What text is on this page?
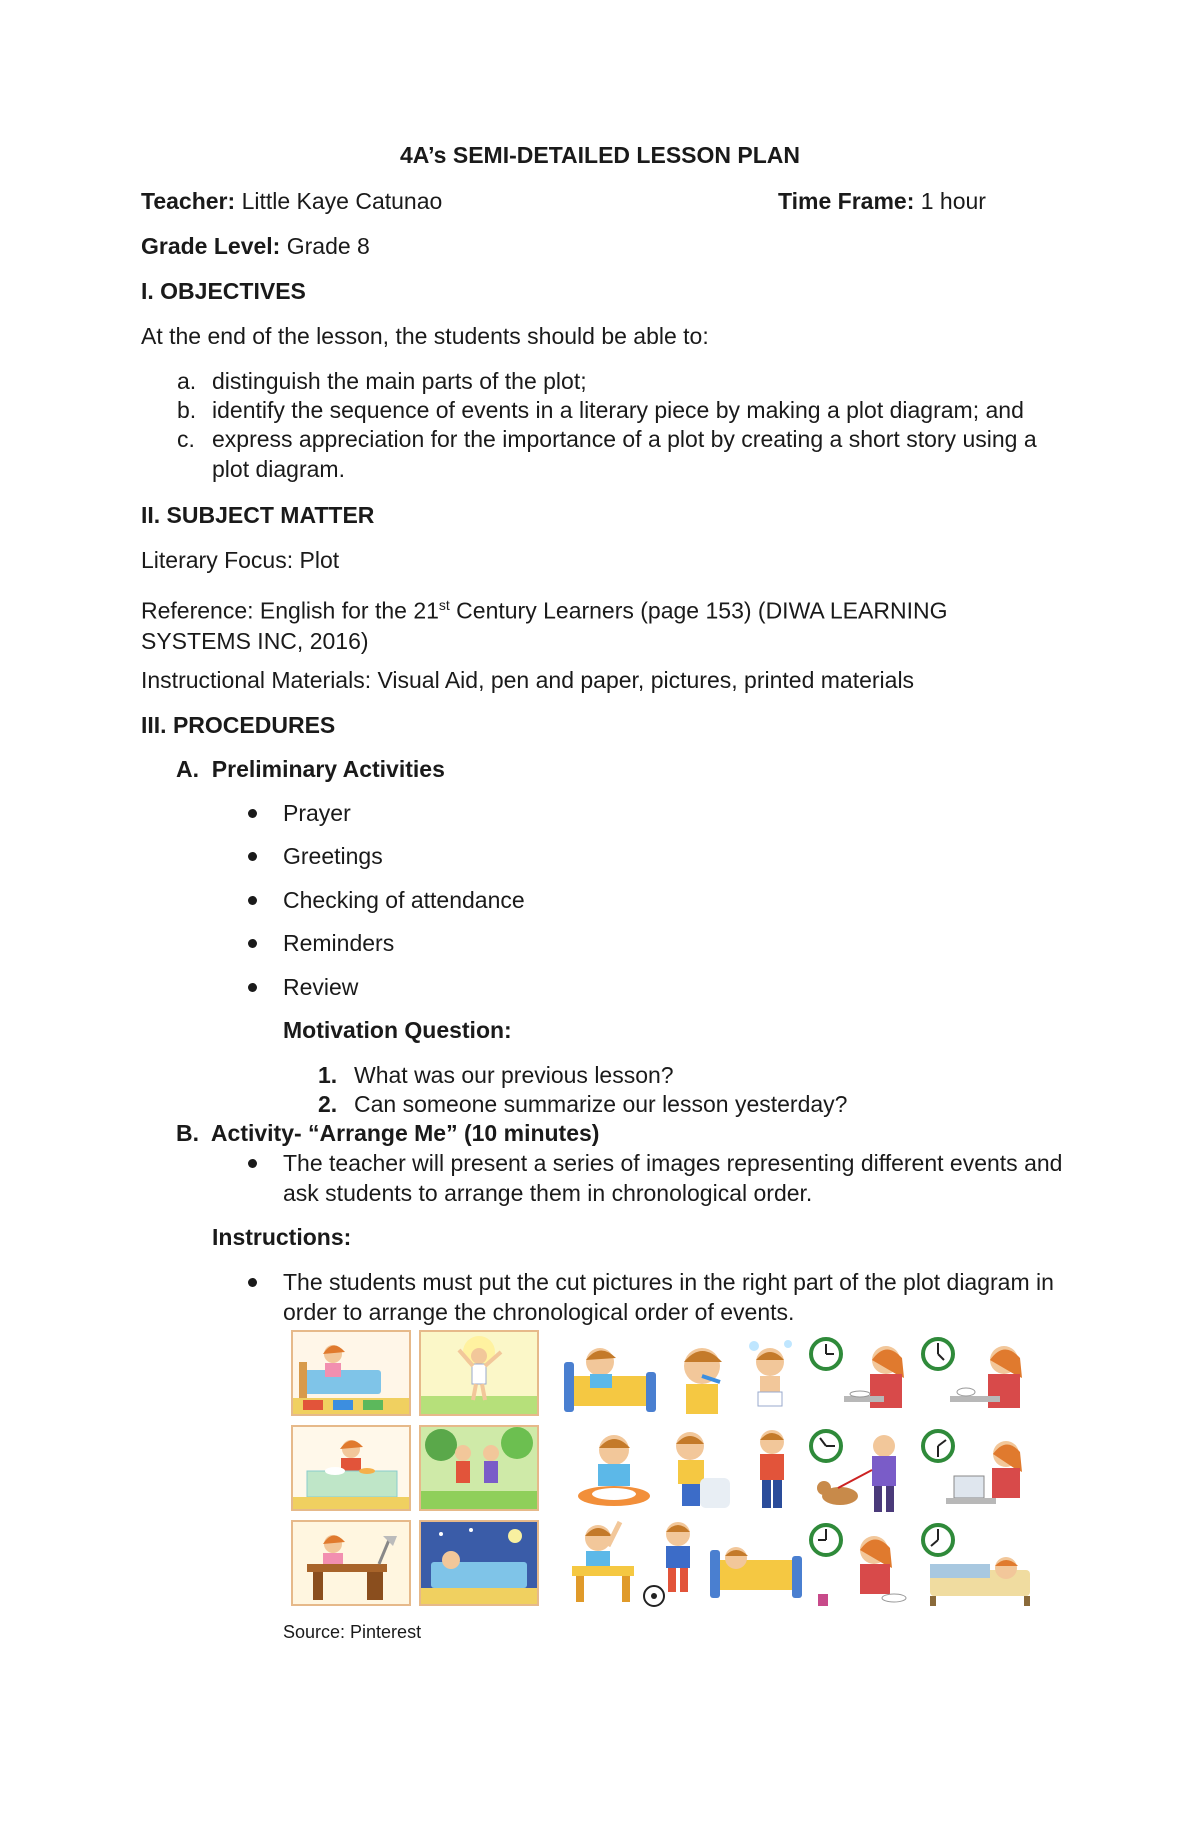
4A’s SEMI-DETAILED LESSON PLAN
Teacher: Little Kaye Catunao	Time Frame: 1 hour
Grade Level: Grade 8
I. OBJECTIVES
At the end of the lesson, the students should be able to:
a. distinguish the main parts of the plot;
b. identify the sequence of events in a literary piece by making a plot diagram; and
c. express appreciation for the importance of a plot by creating a short story using a plot diagram.
II. SUBJECT MATTER
Literary Focus: Plot
Reference: English for the 21st Century Learners (page 153) (DIWA LEARNING SYSTEMS INC, 2016)
Instructional Materials: Visual Aid, pen and paper, pictures, printed materials
III. PROCEDURES
A.  Preliminary Activities
Prayer
Greetings
Checking of attendance
Reminders
Review
Motivation Question:
1. What was our previous lesson?
2. Can someone summarize our lesson yesterday?
B.  Activity- “Arrange Me” (10 minutes)
The teacher will present a series of images representing different events and ask students to arrange them in chronological order.
Instructions:
The students must put the cut pictures in the right part of the plot diagram in order to arrange the chronological order of events.
Source: Pinterest
